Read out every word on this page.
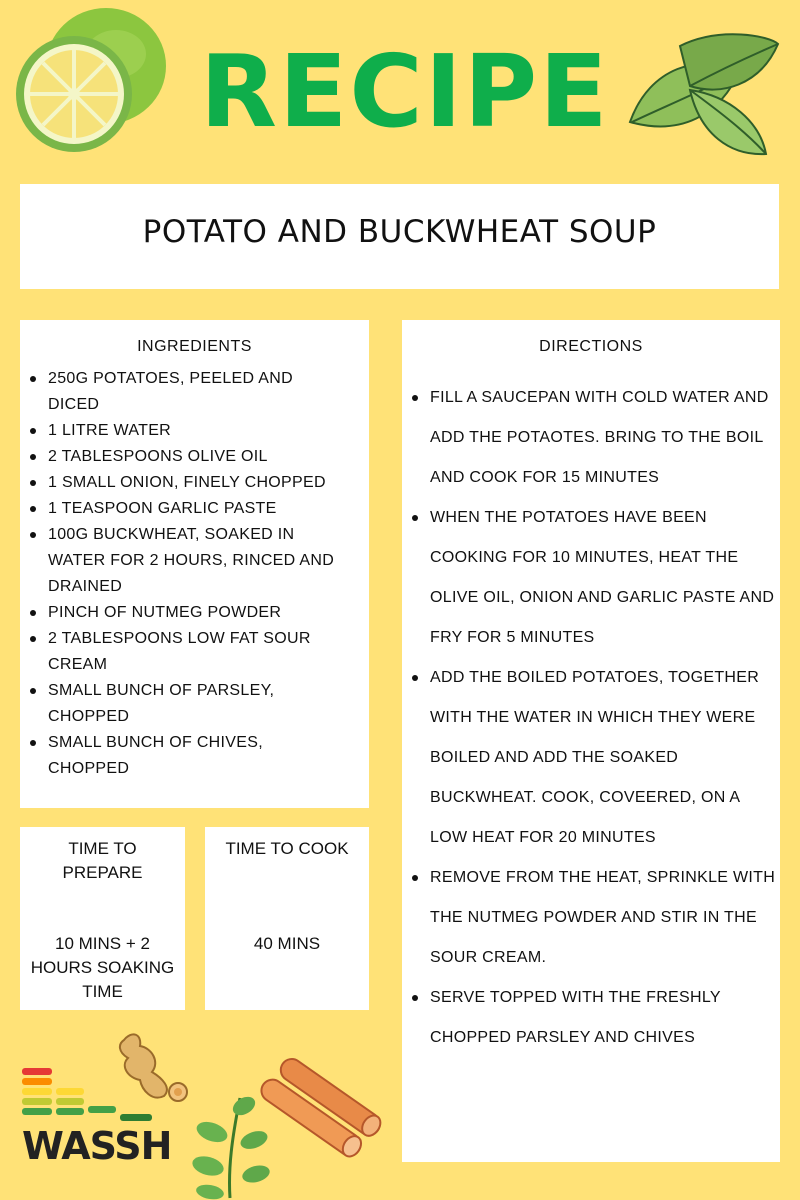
RECIPE
POTATO AND BUCKWHEAT SOUP
INGREDIENTS
250G POTATOES, PEELED AND DICED
1 LITRE WATER
2 TABLESPOONS OLIVE OIL
1 SMALL ONION, FINELY CHOPPED
1 TEASPOON GARLIC PASTE
100G BUCKWHEAT, SOAKED IN WATER FOR 2 HOURS, RINCED AND DRAINED
PINCH OF NUTMEG POWDER
2 TABLESPOONS LOW FAT SOUR CREAM
SMALL BUNCH OF PARSLEY, CHOPPED
SMALL BUNCH OF CHIVES, CHOPPED
DIRECTIONS
FILL A SAUCEPAN WITH COLD WATER AND ADD THE POTAOTES. BRING TO THE BOIL AND COOK FOR 15 MINUTES
WHEN THE POTATOES HAVE BEEN COOKING FOR 10 MINUTES, HEAT THE OLIVE OIL, ONION AND GARLIC PASTE AND FRY FOR 5 MINUTES
ADD THE BOILED POTATOES, TOGETHER WITH THE WATER IN WHICH THEY WERE BOILED AND ADD THE SOAKED BUCKWHEAT. COOK, COVEERED, ON A LOW HEAT FOR 20 MINUTES
REMOVE FROM THE HEAT, SPRINKLE WITH THE NUTMEG POWDER AND STIR IN THE SOUR CREAM.
SERVE TOPPED WITH THE FRESHLY CHOPPED PARSLEY AND CHIVES
TIME TO PREPARE
10 MINS + 2 HOURS SOAKING TIME
TIME TO COOK
40 MINS
WASSH
